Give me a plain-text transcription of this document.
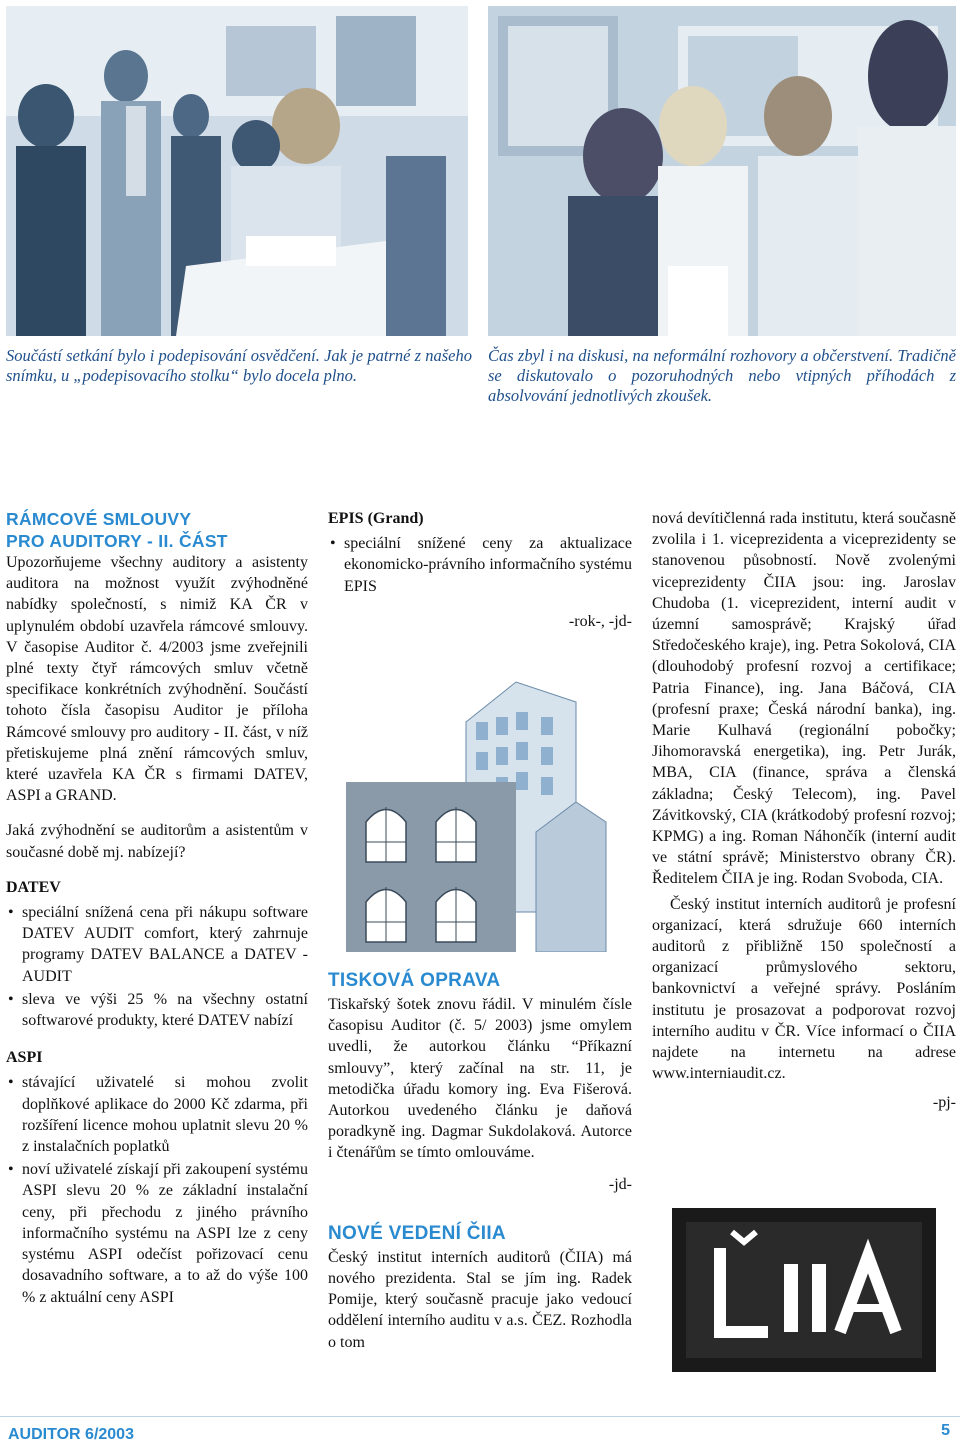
Součástí setkání bylo i podepisování osvědčení. Jak je patrné z našeho snímku, u „podepisovacího stolku“ bylo docela plno.
Čas zbyl i na diskusi, na neformální rozhovory a občerstvení. Tradičně se diskutovalo o pozoruhodných nebo vtipných příhodách z absolvování jednotlivých zkoušek.
RÁMCOVÉ SMLOUVY
PRO AUDITORY - II. ČÁST

Upozorňujeme všechny auditory a asistenty auditora na možnost využít zvýhodněné nabídky společností, s nimiž KA ČR v uplynulém období uzavřela rámcové smlouvy. V časopise Auditor č. 4/2003 jsme zveřejnili plné texty čtyř rámcových smluv včetně specifikace konkrétních zvýhodnění. Součástí tohoto čísla časopisu Auditor je příloha Rámcové smlouvy pro auditory - II. část, v níž přetiskujeme plná znění rámcových smluv, které uzavřela KA ČR s firmami DATEV, ASPI a GRAND.

Jaká zvýhodnění se auditorům a asistentům v současné době mj. nabízejí?

DATEV

• speciální snížená cena při nákupu software DATEV AUDIT comfort, který zahrnuje programy DATEV BALANCE a DATEV - AUDIT
• sleva ve výši 25 % na všechny ostatní softwarové produkty, které DATEV nabízí

ASPI

• stávající uživatelé si mohou zvolit doplňkové aplikace do 2000 Kč zdarma, při rozšíření licence mohou uplatnit slevu 20 % z instalačních poplatků
• noví uživatelé získají při zakoupení systému ASPI slevu 20 % ze základní instalační ceny, při přechodu z jiného právního informačního systému na ASPI lze z ceny systému ASPI odečíst pořizovací cenu dosavadního software, a to až do výše 100 % z aktuální ceny ASPI

EPIS (Grand)

• speciální snížené ceny za aktualizace ekonomicko-právního informačního systému EPIS

-rok-, -jd-

TISKOVÁ OPRAVA

Tiskařský šotek znovu řádil. V minulém čísle časopisu Auditor (č. 5/ 2003) jsme omylem uvedli, že autorkou článku “Příkazní smlouvy”, který začínal na str. 11, je metodička úřadu komory ing. Eva Fišerová. Autorkou uvedeného článku je daňová poradkyně ing. Dagmar Sukdolaková. Autorce i čtenářům se tímto omlouváme.

-jd-

NOVÉ VEDENÍ ČIIA

Český institut interních auditorů (ČIIA) má nového prezidenta. Stal se jím ing. Radek Pomije, který současně pracuje jako vedoucí oddělení interního auditu v a.s. ČEZ. Rozhodla o tom

nová devítičlenná rada institutu, která současně zvolila i 1. viceprezidenta a viceprezidenty se stanovenou působností. Nově zvolenými viceprezidenty ČIIA jsou: ing. Jaroslav Chudoba (1. viceprezident, interní audit v územní samosprávě; Krajský úřad Středočeského kraje), ing. Petra Sokolová, CIA (dlouhodobý profesní rozvoj a certifikace; Patria Finance), ing. Jana Báčová, CIA (profesní praxe; Česká národní banka), ing. Marie Kulhavá (regionální pobočky; Jihomoravská energetika), ing. Petr Jurák, MBA, CIA (finance, správa a členská základna; Český Telecom), ing. Pavel Závitkovský, CIA (krátkodobý profesní rozvoj; KPMG) a ing. Roman Náhončík (interní audit ve státní správě; Ministerstvo obrany ČR). Ředitelem ČIIA je ing. Rodan Svoboda, CIA.

Český institut interních auditorů je profesní organizací, která sdružuje 660 interních auditorů z přibližně 150 společností a organizací průmyslového sektoru, bankovnictví a veřejné správy. Posláním institutu je prosazovat a podporovat rozvoj interního auditu v ČR. Více informací o ČIIA najdete na internetu na adrese www.interniaudit.cz.

-pj-

AUDITOR 6/2003	5
